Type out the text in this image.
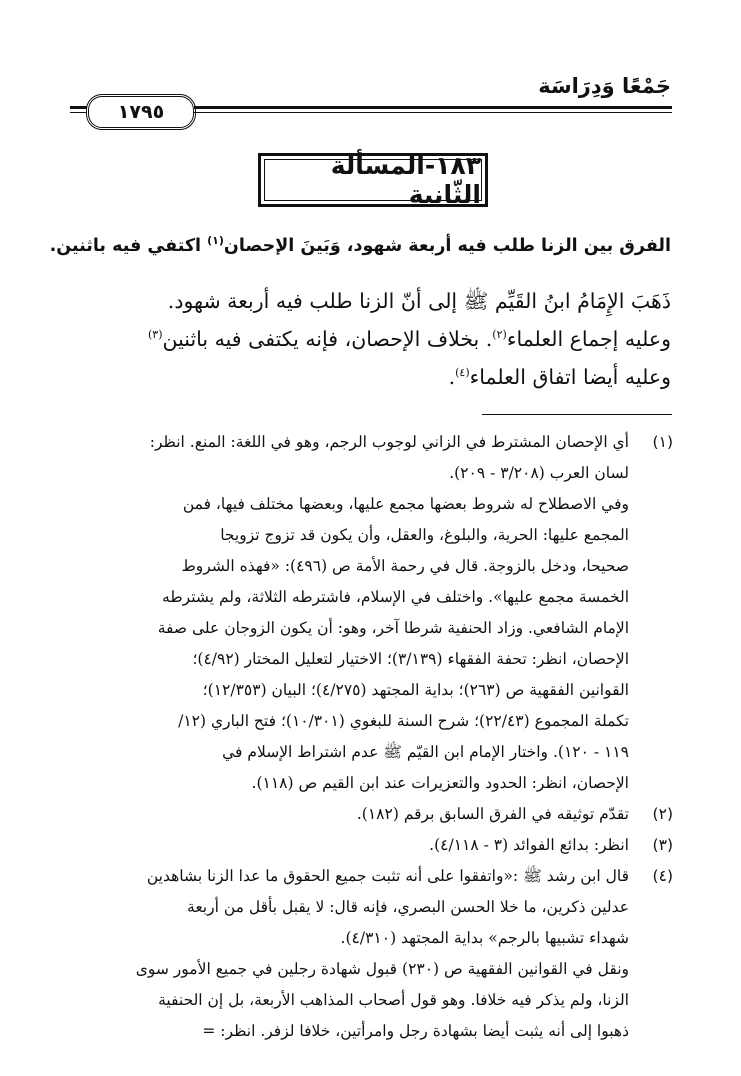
جَمْعًا وَدِرَاسَة
١٧٩٥
١٨٣-المسألة الثّانية
الفرق بين الزنا طلب فيه أربعة شهود، وَبَينَ الإحصان$^{(١)}$ اكتفي فيه باثنين.
ذَهَبَ الإِمَامُ ابنُ القَيِّم ﷺ إلى أنّ الزنا طلب فيه أربعة شهود.
وعليه إجماع العلماء$^{(٢)}$. بخلاف الإحصان، فإنه يكتفى فيه باثنين$^{(٣)}$
وعليه أيضا اتفاق العلماء$^{(٤)}$.
(١)
أي الإحصان المشترط في الزاني لوجوب الرجم، وهو في اللغة: المنع. انظر:
لسان العرب (٣/٢٠٨ - ٢٠٩).
وفي الاصطلاح له شروط بعضها مجمع عليها، وبعضها مختلف فيها، فمن
المجمع عليها: الحرية، والبلوغ، والعقل، وأن يكون قد تزوج تزويجا
صحيحا، ودخل بالزوجة. قال في رحمة الأمة ص (٤٩٦): «فهذه الشروط
الخمسة مجمع عليها». واختلف في الإسلام، فاشترطه الثلاثة، ولم يشترطه
الإمام الشافعي. وزاد الحنفية شرطا آخر، وهو: أن يكون الزوجان على صفة
الإحصان، انظر: تحفة الفقهاء (٣/١٣٩)؛ الاختيار لتعليل المختار (٤/٩٢)؛
القوانين الفقهية ص (٢٦٣)؛ بداية المجتهد (٤/٢٧٥)؛ البيان (١٢/٣٥٣)؛
تكملة المجموع (٢٢/٤٣)؛ شرح السنة للبغوي (١٠/٣٠١)؛ فتح الباري (١٢/
١١٩ - ١٢٠). واختار الإمام ابن القيّم ﷺ عدم اشتراط الإسلام في
الإحصان، انظر: الحدود والتعزيرات عند ابن القيم ص (١١٨).
(٢)
تقدّم توثيقه في الفرق السابق برقم (١٨٢).
(٣)
انظر: بدائع الفوائد (٣ - ٤/١١٨).
(٤)
قال ابن رشد ﷺ :«واتفقوا على أنه تثبت جميع الحقوق ما عدا الزنا بشاهدين
عدلين ذكرين، ما خلا الحسن البصري، فإنه قال: لا يقبل بأقل من أربعة
شهداء تشبيها بالرجم» بداية المجتهد (٤/٣١٠).
ونقل في القوانين الفقهية ص (٢٣٠) قبول شهادة رجلين في جميع الأمور سوى
الزنا، ولم يذكر فيه خلافا. وهو قول أصحاب المذاهب الأربعة، بل إن الحنفية
ذهبوا إلى أنه يثبت أيضا بشهادة رجل وامرأتين، خلافا لزفر. انظر: =
